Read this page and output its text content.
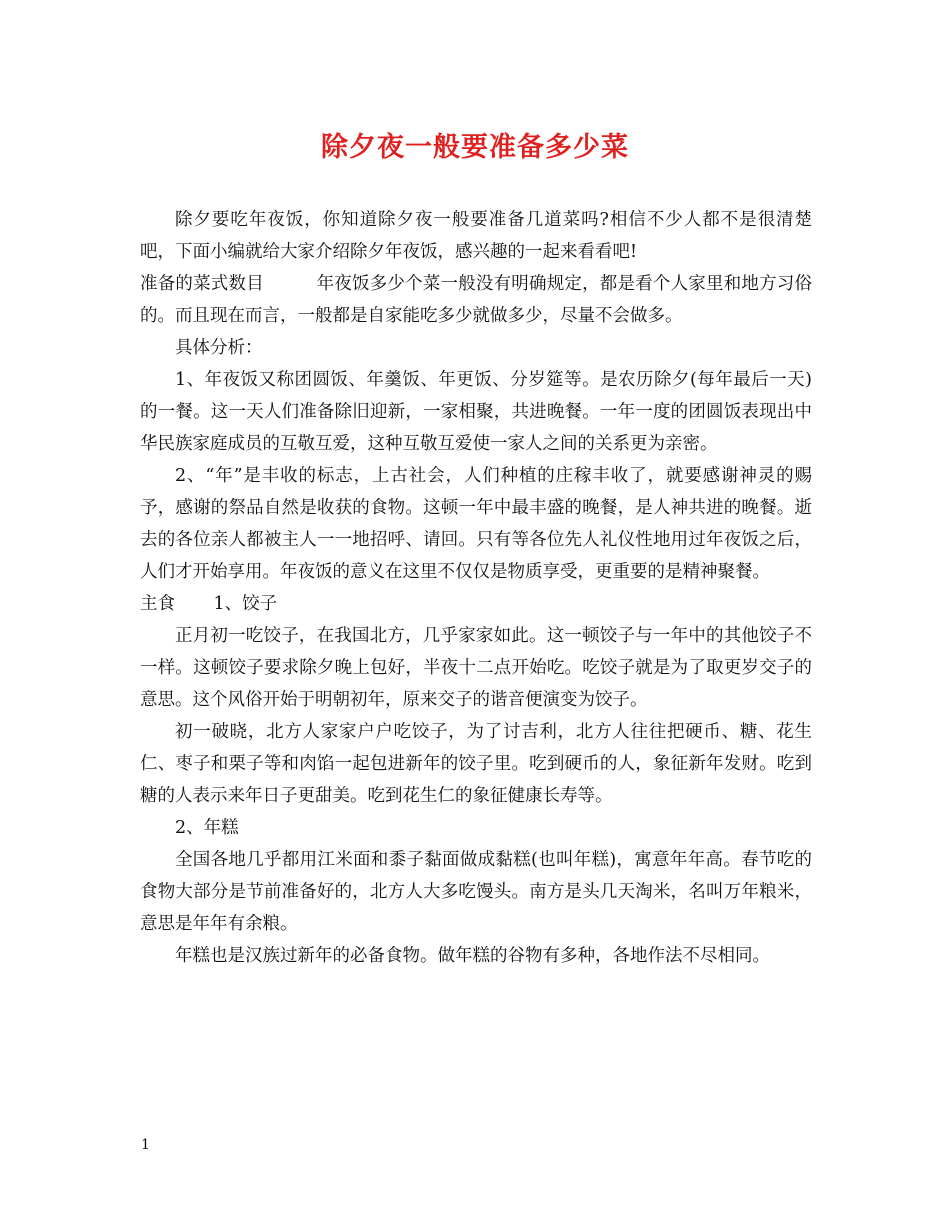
除夕夜一般要准备多少菜

除夕要吃年夜饭，你知道除夕夜一般要准备几道菜吗?相信不少人都不是很清楚吧，下面小编就给大家介绍除夕年夜饭，感兴趣的一起来看看吧!

准备的菜式数目	年夜饭多少个菜一般没有明确规定，都是看个人家里和地方习俗的。而且现在而言，一般都是自家能吃多少就做多少，尽量不会做多。

具体分析：

1、年夜饭又称团圆饭、年羹饭、年更饭、分岁筵等。是农历除夕(每年最后一天)的一餐。这一天人们准备除旧迎新，一家相聚，共进晚餐。一年一度的团圆饭表现出中华民族家庭成员的互敬互爱，这种互敬互爱使一家人之间的关系更为亲密。

2、“年”是丰收的标志，上古社会，人们种植的庄稼丰收了，就要感谢神灵的赐予，感谢的祭品自然是收获的食物。这顿一年中最丰盛的晚餐，是人神共进的晚餐。逝去的各位亲人都被主人一一地招呼、请回。只有等各位先人礼仪性地用过年夜饭之后，人们才开始享用。年夜饭的意义在这里不仅仅是物质享受，更重要的是精神聚餐。

主食 1、饺子

正月初一吃饺子，在我国北方，几乎家家如此。这一顿饺子与一年中的其他饺子不一样。这顿饺子要求除夕晚上包好，半夜十二点开始吃。吃饺子就是为了取更岁交子的意思。这个风俗开始于明朝初年，原来交子的谐音便演变为饺子。

初一破晓，北方人家家户户吃饺子，为了讨吉利，北方人往往把硬币、糖、花生仁、枣子和栗子等和肉馅一起包进新年的饺子里。吃到硬币的人，象征新年发财。吃到糖的人表示来年日子更甜美。吃到花生仁的象征健康长寿等。

2、年糕

全国各地几乎都用江米面和黍子黏面做成黏糕(也叫年糕)，寓意年年高。春节吃的食物大部分是节前准备好的，北方人大多吃馒头。南方是头几天淘米，名叫万年粮米，意思是年年有余粮。

年糕也是汉族过新年的必备食物。做年糕的谷物有多种，各地作法不尽相同。

1
